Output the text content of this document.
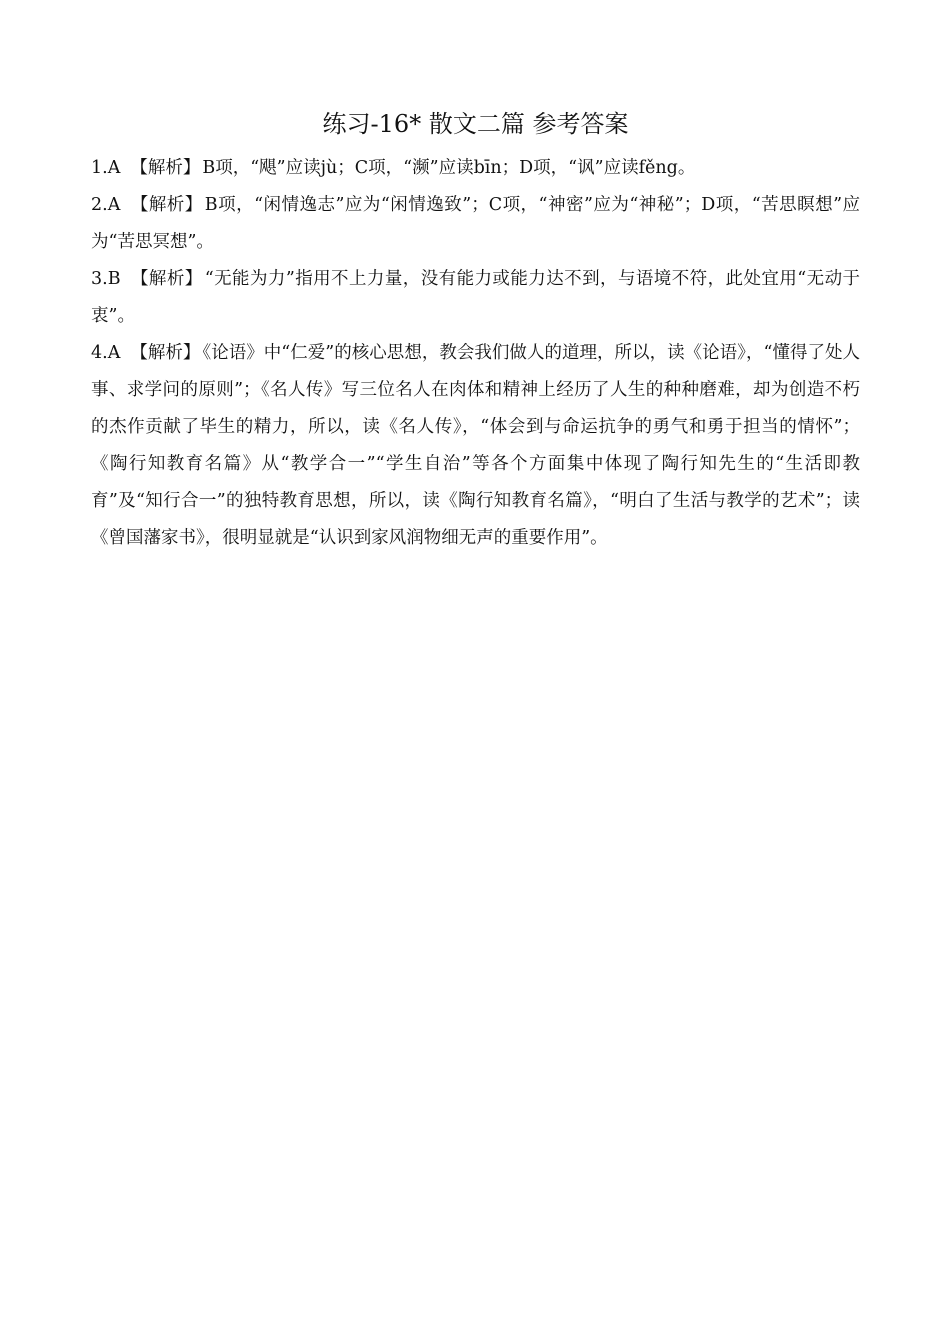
练习-16* 散文二篇 参考答案

1.A 【解析】 B项，“飓”应读jù；C项，“濒”应读bīn；D项，“讽”应读fěng。

2.A 【解析】 B项，“闲情逸志”应为“闲情逸致”；C项，“神密”应为“神秘”；D项，“苦思瞑想”应为“苦思冥想”。

3.B 【解析】 “无能为力”指用不上力量，没有能力或能力达不到，与语境不符，此处宜用“无动于衷”。

4.A 【解析】 《论语》中“仁爱”的核心思想，教会我们做人的道理，所以，读《论语》，“懂得了处人事、求学问的原则”；《名人传》写三位名人在肉体和精神上经历了人生的种种磨难，却为创造不朽的杰作贡献了毕生的精力，所以，读《名人传》，“体会到与命运抗争的勇气和勇于担当的情怀”；《陶行知教育名篇》从“教学合一”“学生自治”等各个方面集中体现了陶行知先生的“生活即教育”及“知行合一”的独特教育思想，所以，读《陶行知教育名篇》，“明白了生活与教学的艺术”；读《曾国藩家书》，很明显就是“认识到家风润物细无声的重要作用”。
